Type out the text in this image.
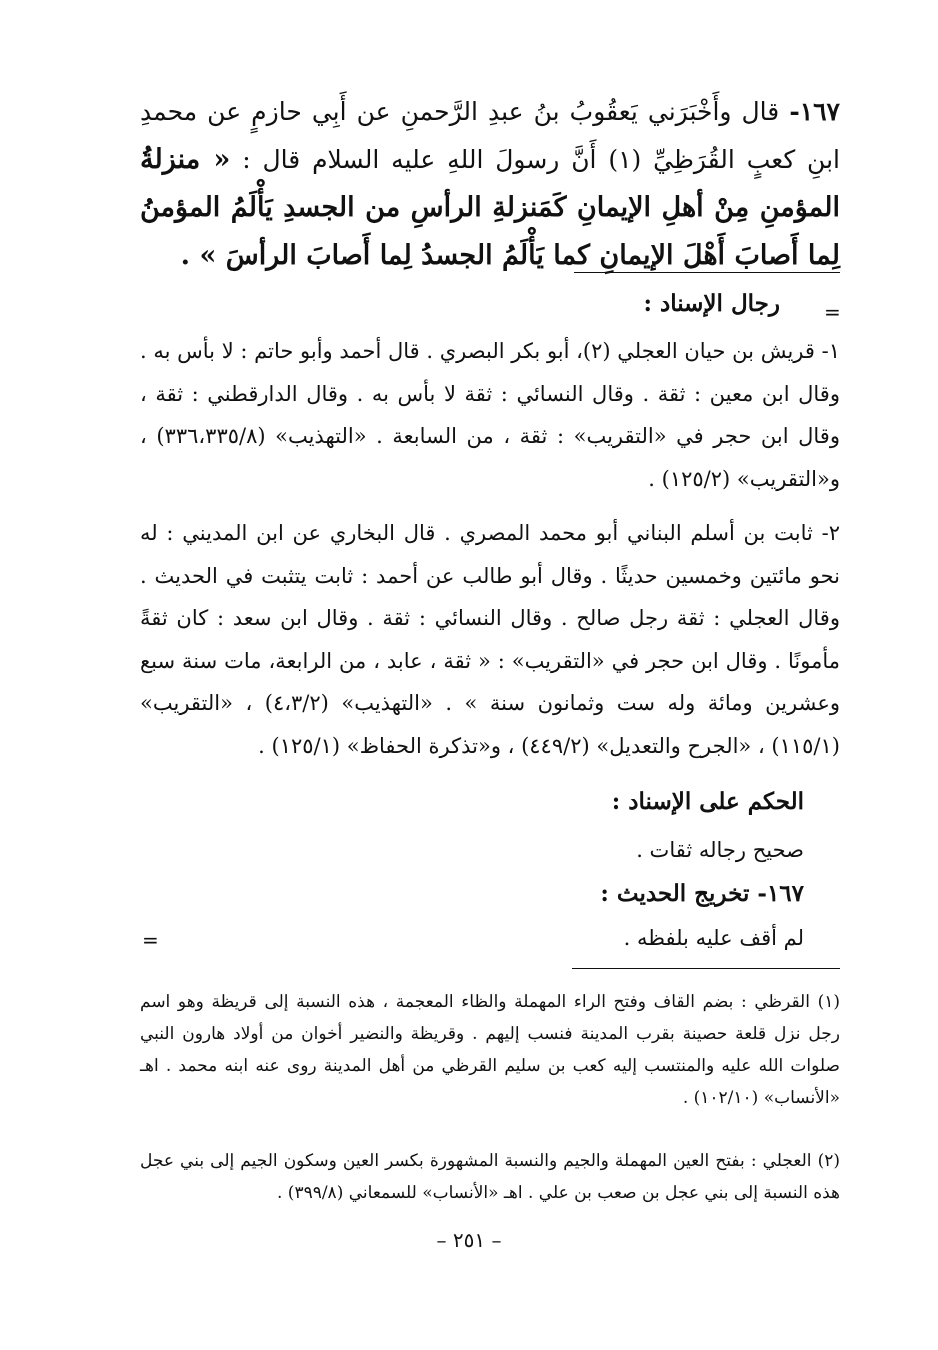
١٦٧- قال وأَخْبَرَني يَعقُوبُ بنُ عبدِ الرَّحمنِ عن أَبِي حازمٍ عن محمدِ ابنِ كعبٍ القُرَظِيِّ (١) أَنَّ رسولَ اللهِ عليه السلام قال : « منزلةُ المؤمنِ مِنْ أهلِ الإيمانِ كَمَنزلةِ الرأسِ من الجسدِ يَأْلَمُ المؤمنُ لِما أَصابَ أَهْلَ الإيمانِ كما يَأْلَمُ الجسدُ لِما أَصابَ الرأسَ » .
=
رجال الإسناد :
١- قريش بن حيان العجلي (٢)، أبو بكر البصري . قال أحمد وأبو حاتم : لا بأس به . وقال ابن معين : ثقة . وقال النسائي : ثقة لا بأس به . وقال الدارقطني : ثقة ، وقال ابن حجر في «التقريب» : ثقة ، من السابعة . «التهذيب» (٣٣٦،٣٣٥/٨) ، و«التقريب» (١٢٥/٢) .
٢- ثابت بن أسلم البناني أبو محمد المصري . قال البخاري عن ابن المديني : له نحو مائتين وخمسين حديثًا . وقال أبو طالب عن أحمد : ثابت يتثبت في الحديث . وقال العجلي : ثقة رجل صالح . وقال النسائي : ثقة . وقال ابن سعد : كان ثقةً مأمونًا . وقال ابن حجر في «التقريب» : « ثقة ، عابد ، من الرابعة، مات سنة سبع وعشرين ومائة وله ست وثمانون سنة » . «التهذيب» (٤،٣/٢) ، «التقريب» (١١٥/١) ، «الجرح والتعديل» (٤٤٩/٢) ، و«تذكرة الحفاظ» (١٢٥/١) .
الحكم على الإسناد :
صحيح رجاله ثقات .
١٦٧- تخريج الحديث :
=	لم أقف عليه بلفظه .
(١) القرظي : بضم القاف وفتح الراء المهملة والظاء المعجمة ، هذه النسبة إلى قريظة وهو اسم رجل نزل قلعة حصينة بقرب المدينة فنسب إليهم . وقريظة والنضير أخوان من أولاد هارون النبي صلوات الله عليه والمنتسب إليه كعب بن سليم القرظي من أهل المدينة روى عنه ابنه محمد . اهـ «الأنساب» (١٠٢/١٠) .
(٢) العجلي : بفتح العين المهملة والجيم والنسبة المشهورة بكسر العين وسكون الجيم إلى بني عجل هذه النسبة إلى بني عجل بن صعب بن علي . اهـ «الأنساب» للسمعاني (٣٩٩/٨) .
– ٢٥١ –
